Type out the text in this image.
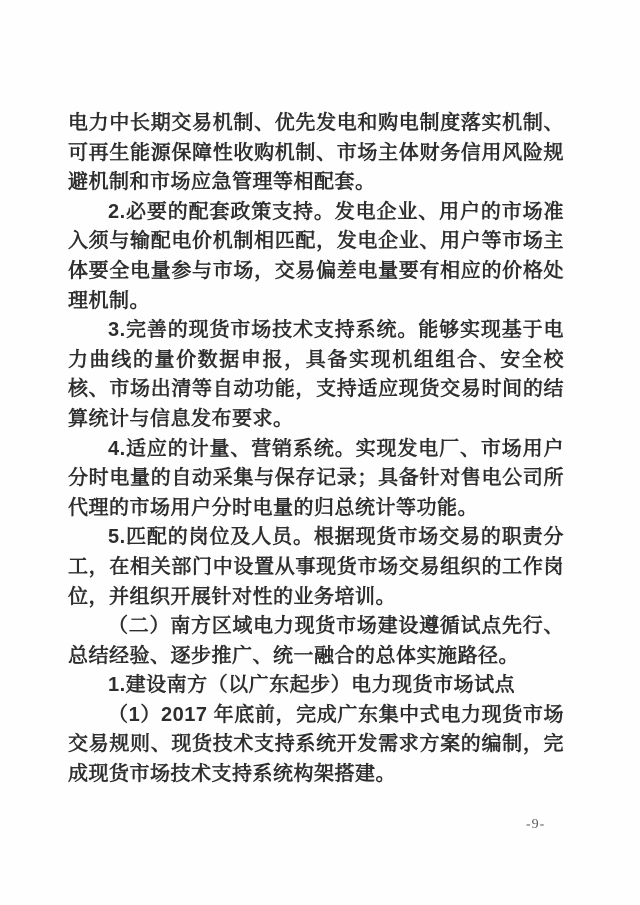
电力中长期交易机制、优先发电和购电制度落实机制、可再生能源保障性收购机制、市场主体财务信用风险规避机制和市场应急管理等相配套。

2.必要的配套政策支持。发电企业、用户的市场准入须与输配电价机制相匹配，发电企业、用户等市场主体要全电量参与市场，交易偏差电量要有相应的价格处理机制。

3.完善的现货市场技术支持系统。能够实现基于电力曲线的量价数据申报，具备实现机组组合、安全校核、市场出清等自动功能，支持适应现货交易时间的结算统计与信息发布要求。

4.适应的计量、营销系统。实现发电厂、市场用户分时电量的自动采集与保存记录；具备针对售电公司所代理的市场用户分时电量的归总统计等功能。

5.匹配的岗位及人员。根据现货市场交易的职责分工，在相关部门中设置从事现货市场交易组织的工作岗位，并组织开展针对性的业务培训。

（二）南方区域电力现货市场建设遵循试点先行、总结经验、逐步推广、统一融合的总体实施路径。

1.建设南方（以广东起步）电力现货市场试点

（1）2017 年底前，完成广东集中式电力现货市场交易规则、现货技术支持系统开发需求方案的编制，完成现货市场技术支持系统构架搭建。

-9-
